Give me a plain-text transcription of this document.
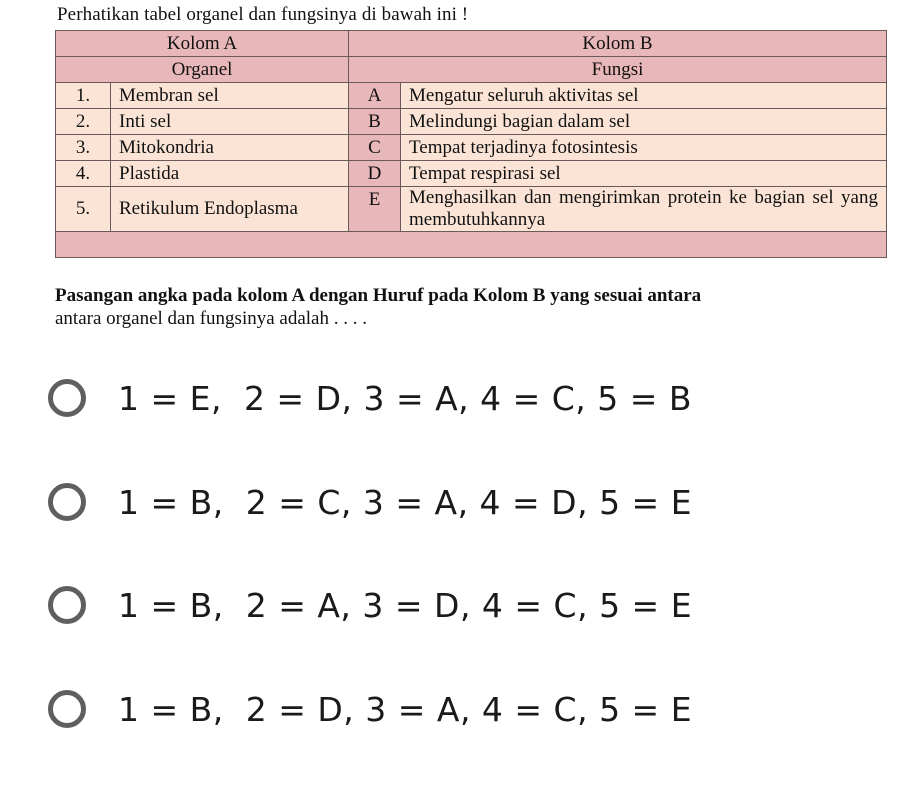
Perhatikan tabel organel dan fungsinya di bawah ini !
Kolom A		Kolom B	
Organel		Fungsi	
1.	Membran sel	A	Mengatur seluruh aktivitas sel
2.	Inti sel	B	Melindungi bagian dalam sel
3.	Mitokondria	C	Tempat terjadinya fotosintesis
4.	Plastida	D	Tempat respirasi sel
5.	Retikulum Endoplasma	E	Menghasilkan dan mengirimkan protein ke bagian sel yang membutuhkannya

Pasangan angka pada kolom A dengan Huruf pada Kolom B yang sesuai antara
antara organel dan fungsinya adalah . . . .
1 = E,  2 = D, 3 = A, 4 = C, 5 = B
1 = B,  2 = C, 3 = A, 4 = D, 5 = E
1 = B,  2 = A, 3 = D, 4 = C, 5 = E
1 = B,  2 = D, 3 = A, 4 = C, 5 = E
